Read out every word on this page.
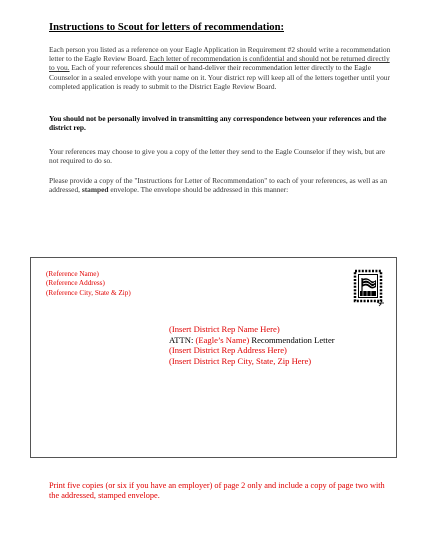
Instructions to Scout for letters of recommendation:
Each person you listed as a reference on your Eagle Application in Requirement #2 should write a recommendation letter to the Eagle Review Board. Each letter of recommendation is confidential and should not be returned directly to you. Each of your references should mail or hand-deliver their recommendation letter directly to the Eagle Counselor in a sealed envelope with your name on it. Your district rep will keep all of the letters together until your completed application is ready to submit to the District Eagle Review Board.
You should not be personally involved in transmitting any correspondence between your references and the district rep.
Your references may choose to give you a copy of the letter they send to the Eagle Counselor if they wish, but are not required to do so.
Please provide a copy of the "Instructions for Letter of Recommendation" to each of your references, as well as an addressed, stamped envelope. The envelope should be addressed in this manner:
(Reference Name)
(Reference Address)
(Reference City, State & Zip)
(Insert District Rep Name Here)
ATTN: (Eagle’s Name) Recommendation Letter
(Insert District Rep Address Here)
(Insert District Rep City, State, Zip Here)
Print five copies (or six if you have an employer) of page 2 only and include a copy of page two with the addressed, stamped envelope.
